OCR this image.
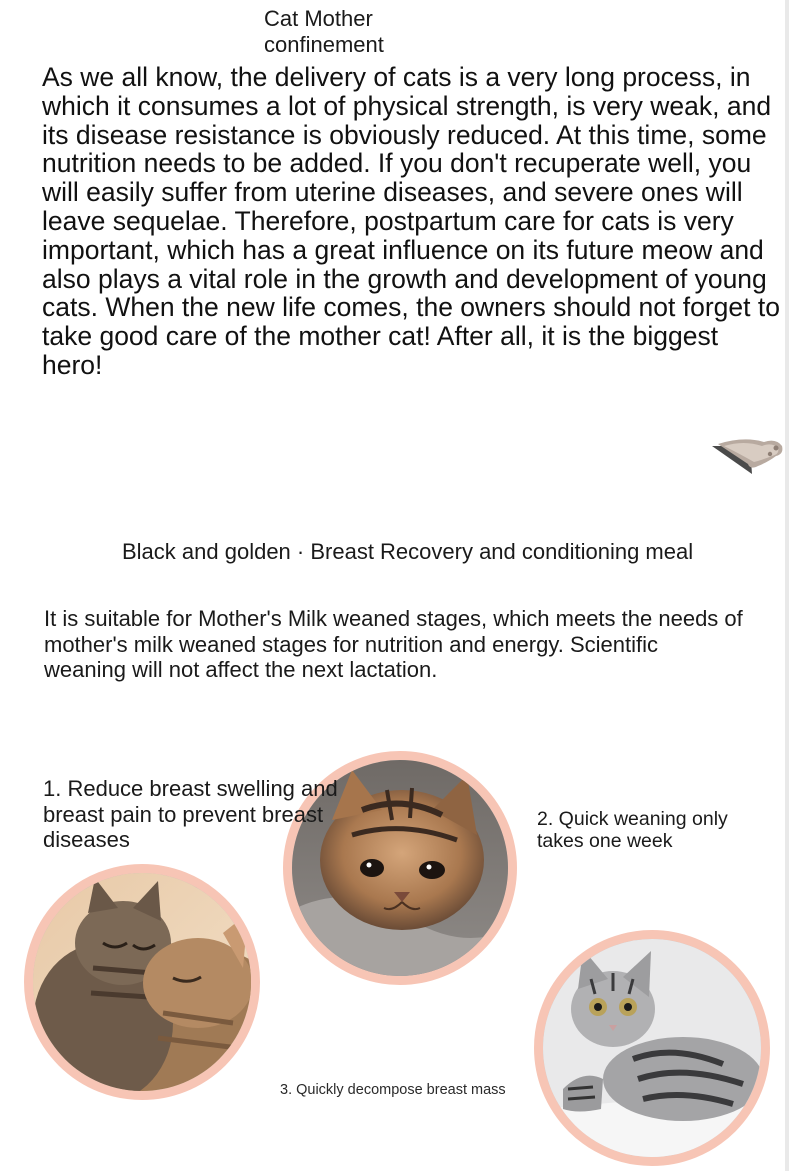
Cat Mother confinement
As we all know, the delivery of cats is a very long process, in which it consumes a lot of physical strength, is very weak, and its disease resistance is obviously reduced. At this time, some nutrition needs to be added. If you don't recuperate well, you will easily suffer from uterine diseases, and severe ones will leave sequelae. Therefore, postpartum care for cats is very important, which has a great influence on its future meow and also plays a vital role in the growth and development of young cats. When the new life comes, the owners should not forget to take good care of the mother cat! After all, it is the biggest hero!
Black and golden · Breast Recovery and conditioning meal
It is suitable for Mother's Milk weaned stages, which meets the needs of mother's milk weaned stages for nutrition and energy. Scientific weaning will not affect the next lactation.
1. Reduce breast swelling and breast pain to prevent breast diseases
2. Quick weaning only takes one week
3. Quickly decompose breast mass
